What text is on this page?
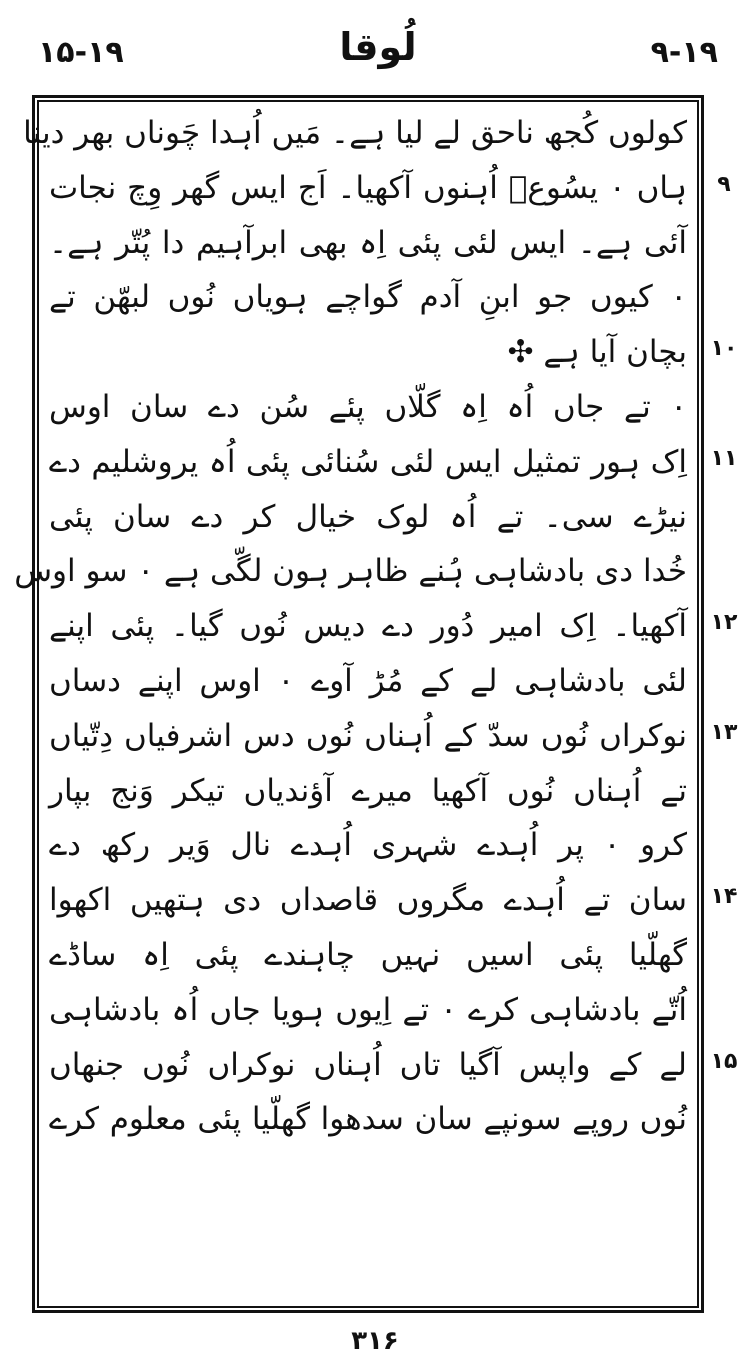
۱۵-۱۹	لُوقا	۹-۱۹
۹
۱۰
۱۱
۱۲
۱۳
۱۴
۱۵
کولوں کُجھ ناحق لے لیا ہے۔ مَیں اُہدا چَوناں بھر دینا
ہاں ۰ یسُوعؔ اُہنوں آکھیا۔ اَج ایس گھر وِچ نجات
آئی ہے۔ ایس لئی پئی اِہ بھی ابرآہیم دا پُتّر ہے۔
۰ کیوں جو ابنِ آدم گواچے ہویاں نُوں لبھّن تے
بچان آیا ہے ✣
۰ تے جاں اُہ اِہ گلّاں پئے سُن دے سان اوس
اِک ہور تمثیل ایس لئی سُنائی پئی اُہ یروشلیم دے
نیڑے سی۔ تے اُہ لوک خیال کر دے سان پئی
خُدا دی بادشاہی ہُنے ظاہر ہون لگّی ہے ۰ سو اوس
آکھیا۔ اِک امیر دُور دے دیس نُوں گیا۔ پئی اپنے
لئی بادشاہی لے کے مُڑ آوے ۰ اوس اپنے دساں
نوکراں نُوں سدّ کے اُہناں نُوں دس اشرفیاں دِتّیاں
تے اُہناں نُوں آکھیا میرے آؤندیاں تیکر وَنج بپار
کرو ۰ پر اُہدے شہری اُہدے نال وَیر رکھ دے
سان تے اُہدے مگروں قاصداں دی ہتھیں اکھوا
گھلّیا پئی اسیں نہیں چاہندے پئی اِہ ساڈے
اُتّے بادشاہی کرے ۰ تے اِیوں ہویا جاں اُہ بادشاہی
لے کے واپس آگیا تاں اُہناں نوکراں نُوں جنھاں
نُوں روپے سونپے سان سدھوا گھلّیا پئی معلوم کرے
۳۱۶
